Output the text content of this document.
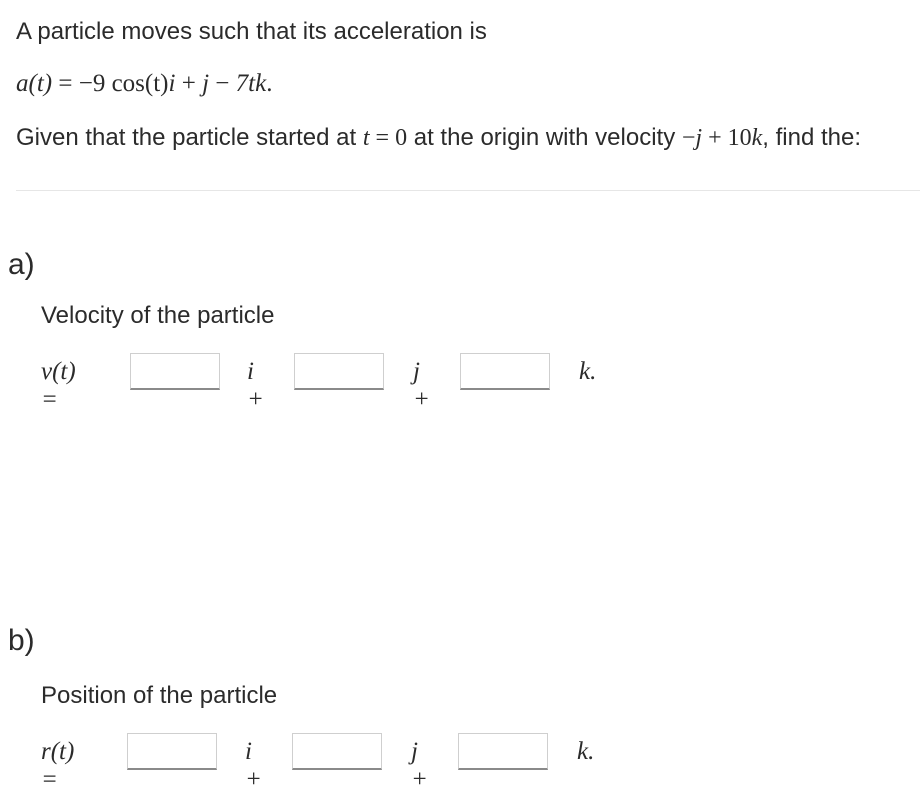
A particle moves such that its acceleration is
a(t) = −9 cos(t)i + j − 7tk.
Given that the particle started at t = 0 at the origin with velocity −j + 10k, find the:
a)
Velocity of the particle
v(t) =
i +
j +
k.
b)
Position of the particle
r(t) =
i +
j +
k.
